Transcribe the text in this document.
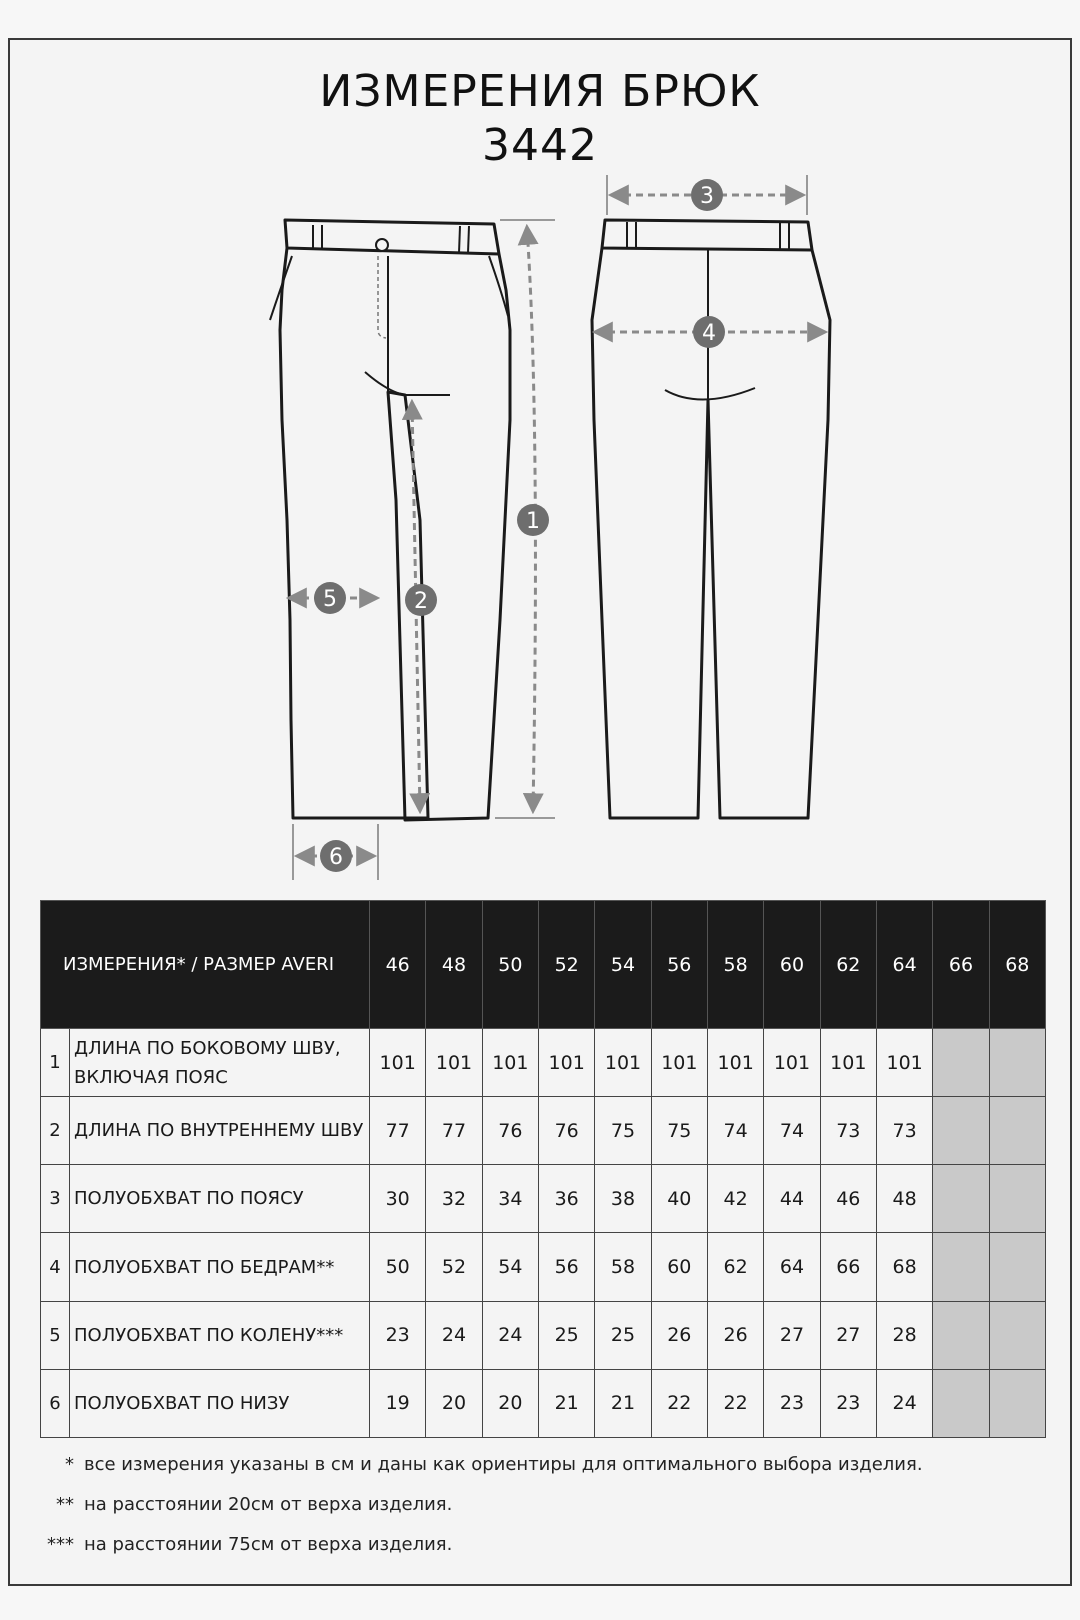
ИЗМЕРЕНИЯ БРЮК
3442
3
4
1
2
5
6
ИЗМЕРЕНИЯ* / РАЗМЕР AVERI		46	48	50	52	54	56	58	60	62	64	66	68
1	ДЛИНА ПО БОКОВОМУ ШВУ, ВКЛЮЧАЯ ПОЯС	101	101	101	101	101	101	101	101	101	101		
2	ДЛИНА ПО ВНУТРЕННЕМУ ШВУ	77	77	76	76	75	75	74	74	73	73		
3	ПОЛУОБХВАТ ПО ПОЯСУ	30	32	34	36	38	40	42	44	46	48		
4	ПОЛУОБХВАТ ПО БЕДРАМ**	50	52	54	56	58	60	62	64	66	68		
5	ПОЛУОБХВАТ ПО КОЛЕНУ***	23	24	24	25	25	26	26	27	27	28		
6	ПОЛУОБХВАТ ПО НИЗУ	19	20	20	21	21	22	22	23	23	24		
* все измерения указаны в см и даны как ориентиры для оптимального выбора изделия.
** на расстоянии 20см от верха изделия.
*** на расстоянии 75см от верха изделия.
